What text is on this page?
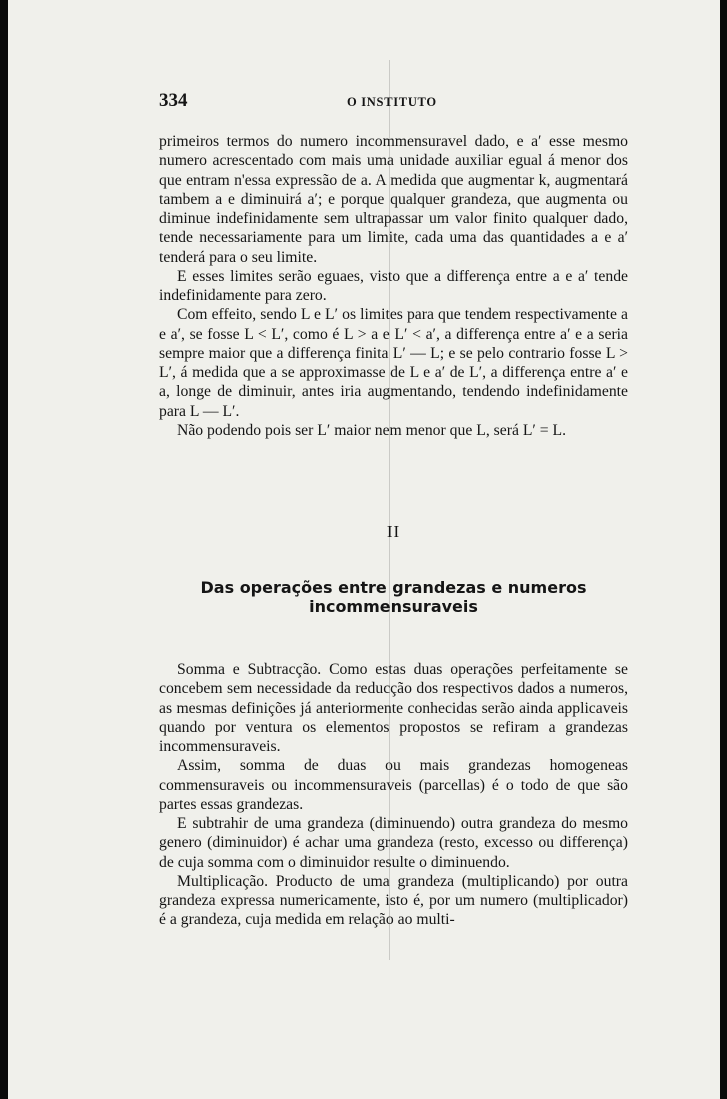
334	O INSTITUTO

primeiros termos do numero incommensuravel dado, e a′ esse mesmo numero acrescentado com mais uma unidade auxiliar egual á menor dos que entram n'essa expressão de a. A medida que augmentar k, augmentará tambem a e diminuirá a′; e porque qualquer grandeza, que augmenta ou diminue indefinidamente sem ultrapassar um valor finito qualquer dado, tende necessariamente para um limite, cada uma das quantidades a e a′ tenderá para o seu limite.

E esses limites serão eguaes, visto que a differença entre a e a′ tende indefinidamente para zero.

Com effeito, sendo L e L′ os limites para que tendem respectivamente a e a′, se fosse L < L′, como é L > a e L′ < a′, a differença entre a′ e a seria sempre maior que a differença finita L′ — L; e se pelo contrario fosse L > L′, á medida que a se approximasse de L e a′ de L′, a differença entre a′ e a, longe de diminuir, antes iria augmentando, tendendo indefinidamente para L — L′.

Não podendo pois ser L′ maior nem menor que L, será L′ = L.

II
Das operações entre grandezas e numeros
incommensuraveis

Somma e Subtracção. Como estas duas operações perfeitamente se concebem sem necessidade da reducção dos respectivos dados a numeros, as mesmas definições já anteriormente conhecidas serão ainda applicaveis quando por ventura os elementos propostos se refiram a grandezas incommensuraveis.

Assim, somma de duas ou mais grandezas homogeneas commensuraveis ou incommensuraveis (parcellas) é o todo de que são partes essas grandezas.

E subtrahir de uma grandeza (diminuendo) outra grandeza do mesmo genero (diminuidor) é achar uma grandeza (resto, excesso ou differença) de cuja somma com o diminuidor resulte o diminuendo.

Multiplicação. Producto de uma grandeza (multiplicando) por outra grandeza expressa numericamente, isto é, por um numero (multiplicador) é a grandeza, cuja medida em relação ao multi-
